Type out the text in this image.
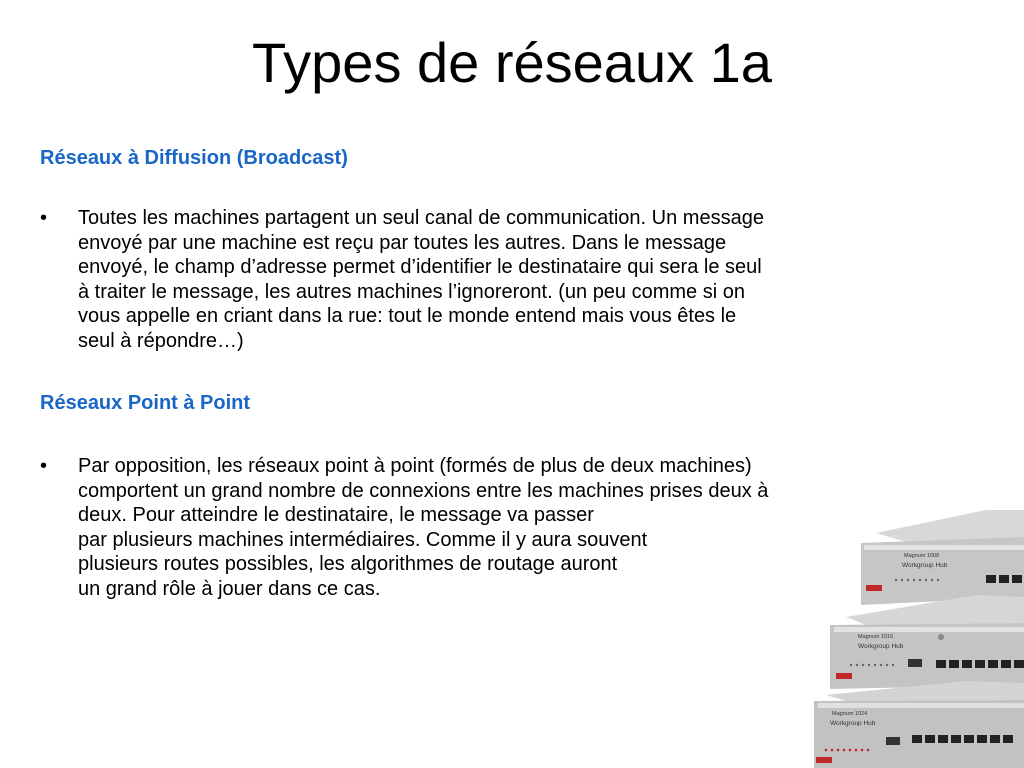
Types de réseaux 1a
Réseaux à Diffusion (Broadcast)
• Toutes les machines partagent un seul canal de communication. Un message
envoyé par une machine est reçu par toutes les autres. Dans le message
envoyé, le champ d’adresse permet d’identifier le destinataire qui sera le seul
à traiter le message, les autres machines l’ignoreront. (un peu comme si on
vous appelle en criant dans la rue: tout le monde entend mais vous êtes le
seul à répondre…)
Réseaux Point à Point
• Par opposition, les réseaux point à point (formés de plus de deux machines)
comportent un grand nombre de connexions entre les machines prises deux à
deux. Pour atteindre le destinataire, le message va passer
par plusieurs machines intermédiaires. Comme il y aura souvent
plusieurs routes possibles, les algorithmes de routage auront
un grand rôle à jouer dans ce cas.
Magnum 1008
Workgroup Hub
Magnum 1016
Workgroup Hub
Magnum 1024
Workgroup Hub
